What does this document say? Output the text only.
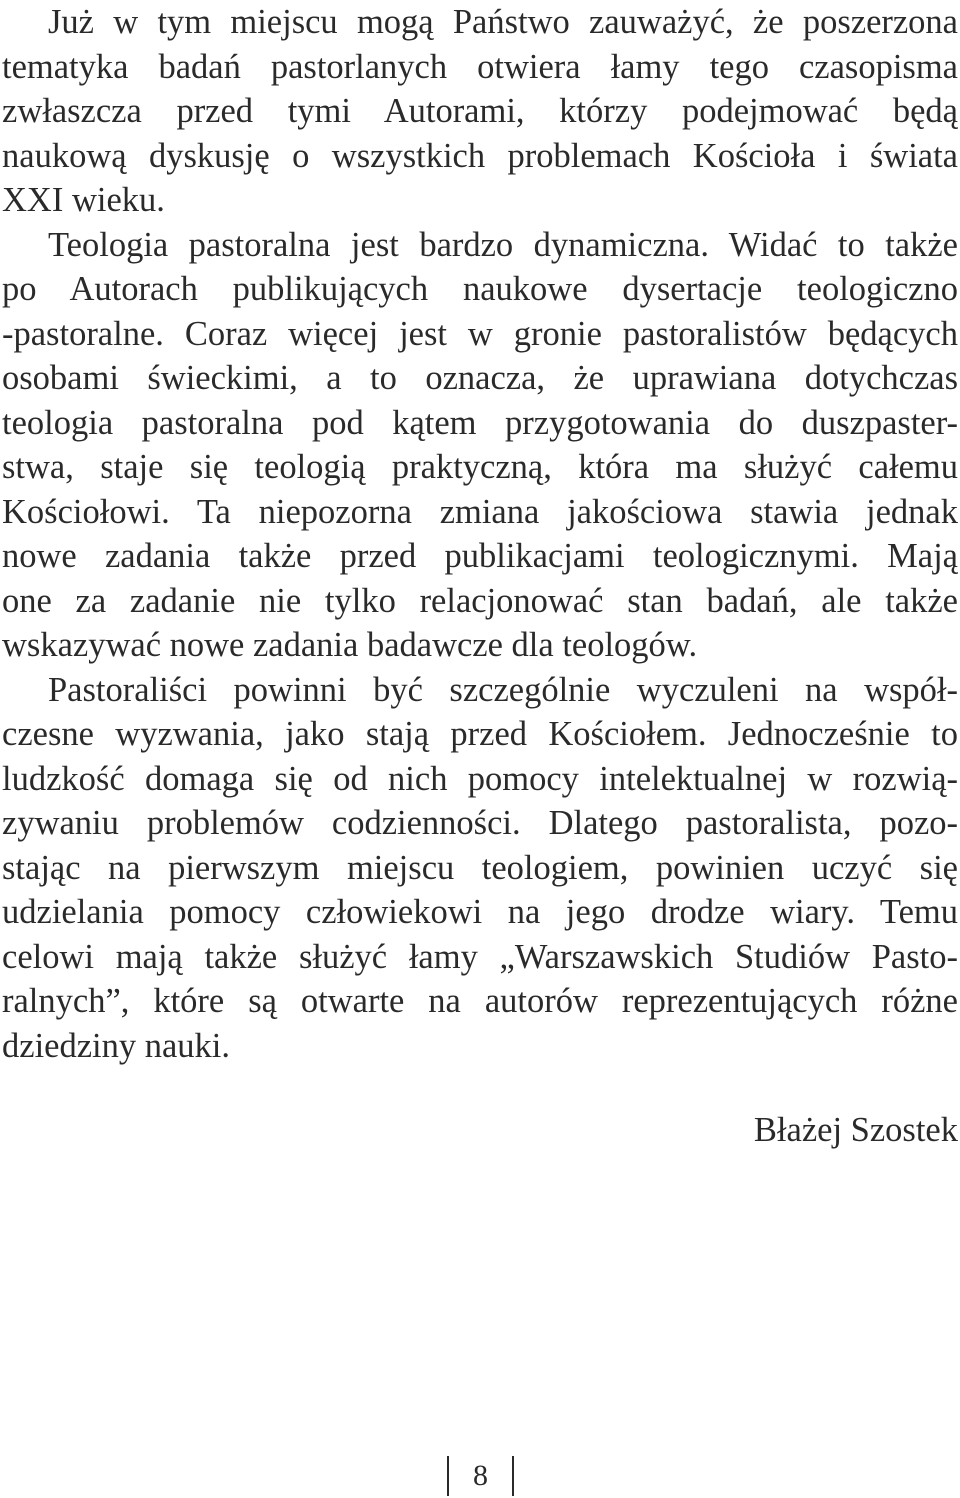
Już w tym miejscu mogą Państwo zauważyć, że poszerzona
tematyka badań pastorlanych otwiera łamy tego czasopisma
zwłaszcza przed tymi Autorami, którzy podejmować będą
naukową dyskusję o wszystkich problemach Kościoła i świata
XXI wieku.
Teologia pastoralna jest bardzo dynamiczna. Widać to także
po Autorach publikujących naukowe dysertacje teologiczno
-pastoralne. Coraz więcej jest w gronie pastoralistów będących
osobami świeckimi, a to oznacza, że uprawiana dotychczas
teologia pastoralna pod kątem przygotowania do duszpaster-
stwa, staje się teologią praktyczną, która ma służyć całemu
Kościołowi. Ta niepozorna zmiana jakościowa stawia jednak
nowe zadania także przed publikacjami teologicznymi. Mają
one za zadanie nie tylko relacjonować stan badań, ale także
wskazywać nowe zadania badawcze dla teologów.
Pastoraliści powinni być szczególnie wyczuleni na współ-
czesne wyzwania, jako stają przed Kościołem. Jednocześnie to
ludzkość domaga się od nich pomocy intelektualnej w rozwią-
zywaniu problemów codzienności. Dlatego pastoralista, pozo-
stając na pierwszym miejscu teologiem, powinien uczyć się
udzielania pomocy człowiekowi na jego drodze wiary. Temu
celowi mają także służyć łamy „Warszawskich Studiów Pasto-
ralnych”, które są otwarte na autorów reprezentujących różne
dziedziny nauki.
Błażej Szostek
8
